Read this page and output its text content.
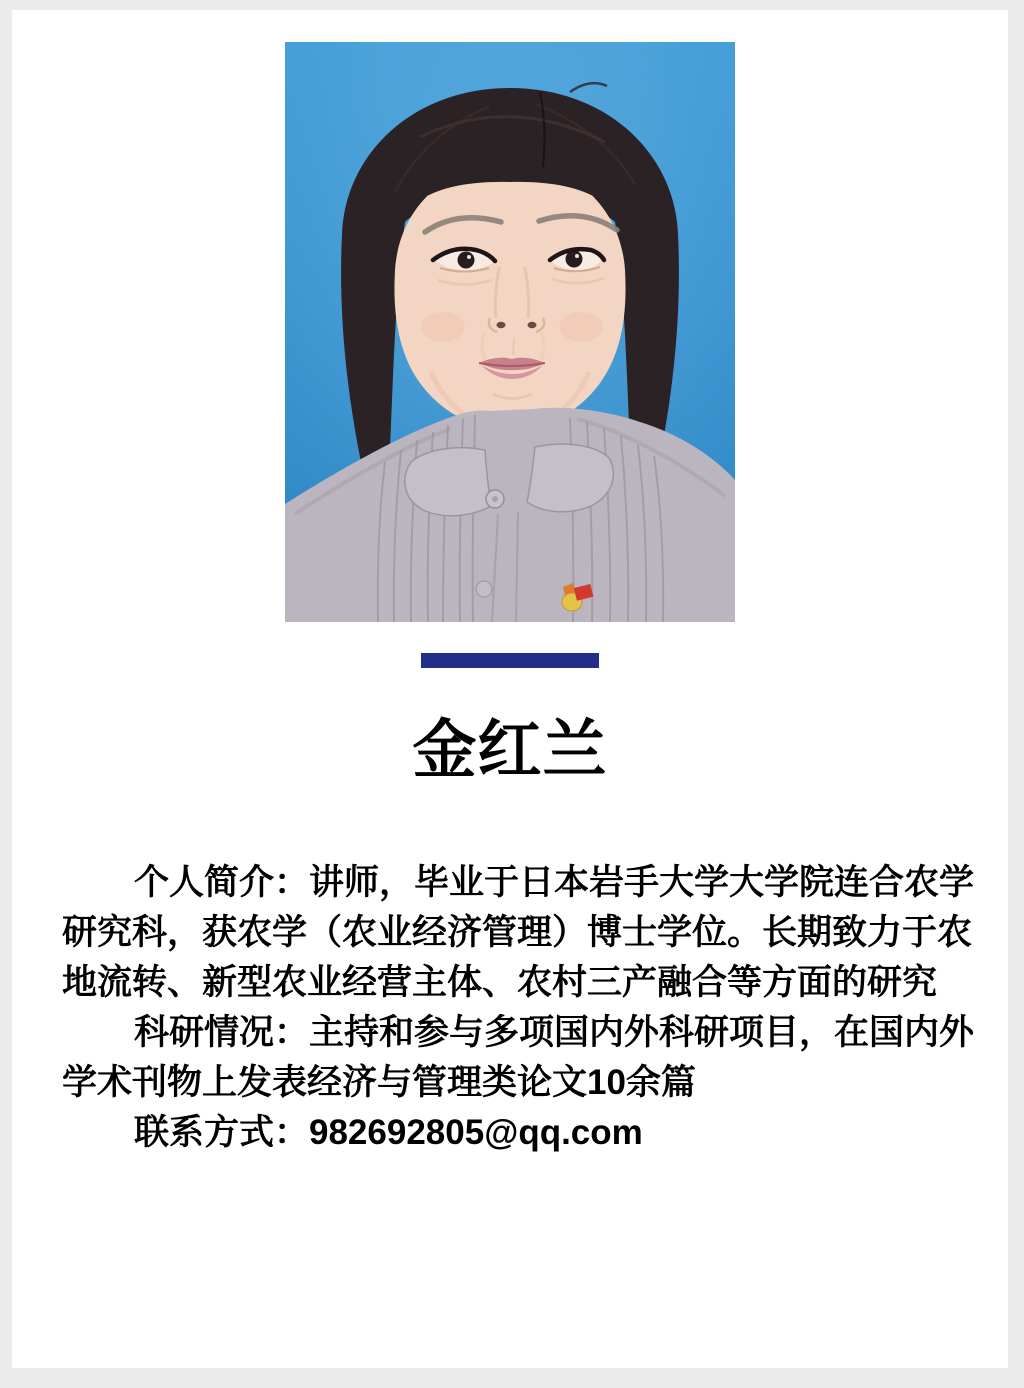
金红兰
个人简介：讲师，毕业于日本岩手大学大学院连合农学
研究科，获农学（农业经济管理）博士学位。长期致力于农
地流转、新型农业经营主体、农村三产融合等方面的研究
科研情况：主持和参与多项国内外科研项目，在国内外
学术刊物上发表经济与管理类论文10余篇
联系方式：982692805@qq.com
